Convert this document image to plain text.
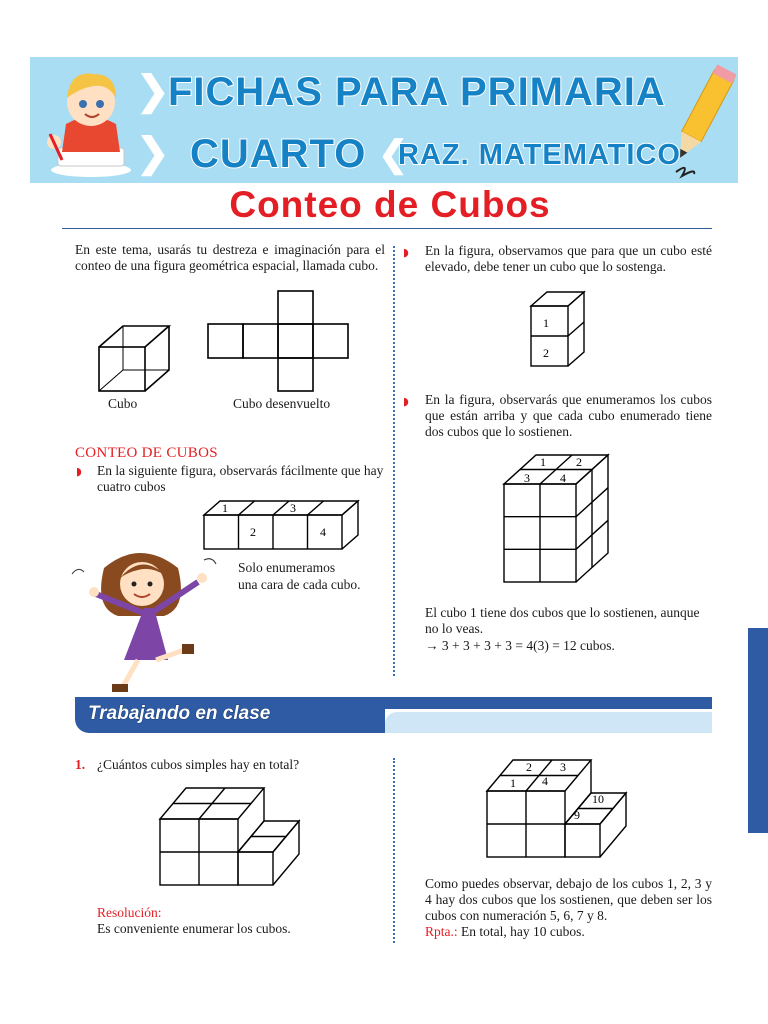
❯
❯
FICHAS PARA PRIMARIA
CUARTO ❮
RAZ. MATEMATICO
Conteo de Cubos
En este tema, usarás tu destreza e imaginación para el conteo de una figura geométrica espacial, llamada cubo.
Cubo	Cubo desenvuelto
CONTEO DE CUBOS
◗ En la siguiente figura, observarás fácilmente que hay cuatro cubos
1
2
3
4
Solo enumeramos
una cara de cada cubo.
◗ En la figura, observamos que para que un cubo esté elevado, debe tener un cubo que lo sostenga.
1
2
◗ En la figura, observarás que enumeramos los cubos que están arriba y que cada cubo enumerado tiene dos cubos que lo sostienen.
1	2
3	4
El cubo 1 tiene dos cubos que lo sostienen, aunque no lo veas.
→ 3 + 3 + 3 + 3 = 4(3) = 12 cubos.
Trabajando en clase
1. ¿Cuántos cubos simples hay en total?
Resolución:
Es conveniente enumerar los cubos.
1
2 3
4
9
10
Como puedes observar, debajo de los cubos 1, 2, 3 y 4 hay dos cubos que los sostienen, que deben ser los cubos con numeración 5, 6, 7 y 8.
Rpta.: En total, hay 10 cubos.
